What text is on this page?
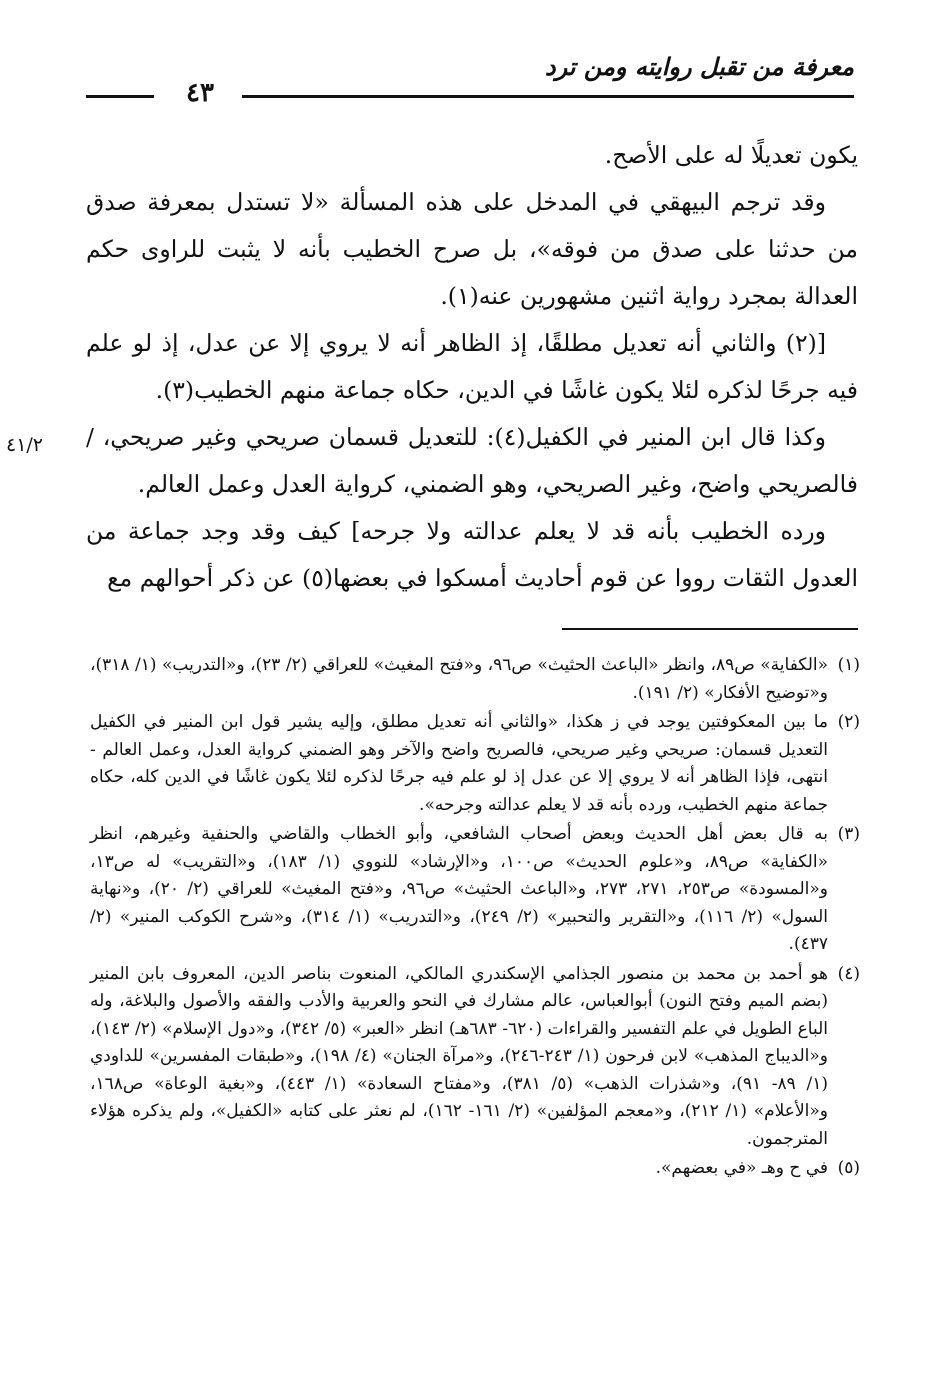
معرفة من تقبل روايته ومن ترد
٤٣

يكون تعديلًا له على الأصح.

وقد ترجم البيهقي في المدخل على هذه المسألة «لا تستدل بمعرفة صدق من حدثنا على صدق من فوقه»، بل صرح الخطيب بأنه لا يثبت للراوى حكم العدالة بمجرد رواية اثنين مشهورين عنه(١).

[(٢) والثاني أنه تعديل مطلقًا، إذ الظاهر أنه لا يروي إلا عن عدل، إذ لو علم فيه جرحًا لذكره لئلا يكون غاشًا في الدين، حكاه جماعة منهم الخطيب(٣).

وكذا قال ابن المنير في الكفيل(٤): للتعديل قسمان صريحي وغير صريحي، / فالصريحي واضح، وغير الصريحي، وهو الضمني، كرواية العدل وعمل العالم.

ورده الخطيب بأنه قد لا يعلم عدالته ولا جرحه] كيف وقد وجد جماعة من العدول الثقات رووا عن قوم أحاديث أمسكوا في بعضها(٥) عن ذكر أحوالهم مع

٤١/٢
(١)
«الكفاية» ص٨٩، وانظر «الباعث الحثيث» ص٩٦، و«فتح المغيث» للعراقي (٢/ ٢٣)، و«التدريب» (١/ ٣١٨)، و«توضيح الأفكار» (٢/ ١٩١).
(٢)
ما بين المعكوفتين يوجد في ز هكذا، «والثاني أنه تعديل مطلق، وإليه يشير قول ابن المنير في الكفيل التعديل قسمان: صريحي وغير صريحي، فالصريح واضح والآخر وهو الضمني كرواية العدل، وعمل العالم - انتهى، فإذا الظاهر أنه لا يروي إلا عن عدل إذ لو علم فيه جرحًا لذكره لئلا يكون غاشًا في الدين كله، حكاه جماعة منهم الخطيب، ورده بأنه قد لا يعلم عدالته وجرحه».
(٣)
به قال بعض أهل الحديث وبعض أصحاب الشافعي، وأبو الخطاب والقاضي والحنفية وغيرهم، انظر «الكفاية» ص٨٩، و«علوم الحديث» ص١٠٠، و«الإرشاد» للنووي (١/ ١٨٣)، و«التقريب» له ص١٣، و«المسودة» ص٢٥٣، ٢٧١، ٢٧٣، و«الباعث الحثيث» ص٩٦، و«فتح المغيث» للعراقي (٢/ ٢٠)، و«نهاية السول» (٢/ ١١٦)، و«التقرير والتحبير» (٢/ ٢٤٩)، و«التدريب» (١/ ٣١٤)، و«شرح الكوكب المنير» (٢/ ٤٣٧).
(٤)
هو أحمد بن محمد بن منصور الجذامي الإسكندري المالكي، المنعوت بناصر الدين، المعروف بابن المنير (بضم الميم وفتح النون) أبوالعباس، عالم مشارك في النحو والعربية والأدب والفقه والأصول والبلاغة، وله الباع الطويل في علم التفسير والقراءات (٦٢٠- ٦٨٣هـ) انظر «العبر» (٥/ ٣٤٢)، و«دول الإسلام» (٢/ ١٤٣)، و«الديباج المذهب» لابن فرحون (١/ ٢٤٣-٢٤٦)، و«مرآة الجنان» (٤/ ١٩٨)، و«طبقات المفسرين» للداودي (١/ ٨٩- ٩١)، و«شذرات الذهب» (٥/ ٣٨١)، و«مفتاح السعادة» (١/ ٤٤٣)، و«بغية الوعاة» ص١٦٨، و«الأعلام» (١/ ٢١٢)، و«معجم المؤلفين» (٢/ ١٦١- ١٦٢)، لم نعثر على كتابه «الكفيل»، ولم يذكره هؤلاء المترجمون.
(٥)
في ح وهـ «في بعضهم».
